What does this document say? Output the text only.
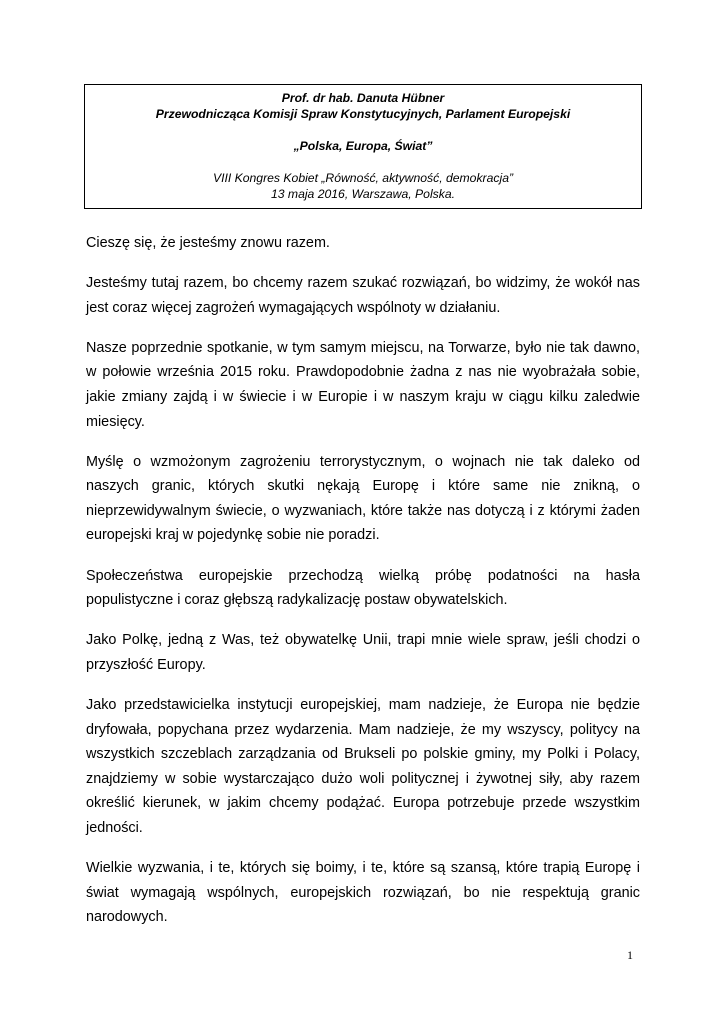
Prof. dr hab. Danuta Hübner
Przewodnicząca Komisji Spraw Konstytucyjnych, Parlament Europejski
„Polska, Europa, Świat”
VIII Kongres Kobiet „Równość, aktywność, demokracja”
13 maja 2016, Warszawa, Polska.

Cieszę się, że jesteśmy znowu razem.

Jesteśmy tutaj razem, bo chcemy razem szukać rozwiązań, bo widzimy, że wokół nas jest coraz więcej zagrożeń wymagających wspólnoty w działaniu.

Nasze poprzednie spotkanie, w tym samym miejscu, na Torwarze, było nie tak dawno, w połowie września 2015 roku. Prawdopodobnie żadna z nas nie wyobrażała sobie, jakie zmiany zajdą i w świecie i w Europie i w naszym kraju w ciągu kilku zaledwie miesięcy.

Myślę o wzmożonym zagrożeniu terrorystycznym, o wojnach nie tak daleko od naszych granic, których skutki nękają Europę i które same nie znikną, o nieprzewidywalnym świecie, o wyzwaniach, które także nas dotyczą i z którymi żaden europejski kraj w pojedynkę sobie nie poradzi.

Społeczeństwa europejskie przechodzą wielką próbę podatności na hasła populistyczne i coraz głębszą radykalizację postaw obywatelskich.

Jako Polkę, jedną z Was, też obywatelkę Unii, trapi mnie wiele spraw, jeśli chodzi o przyszłość Europy.

Jako przedstawicielka instytucji europejskiej, mam nadzieje, że Europa nie będzie dryfowała, popychana przez wydarzenia. Mam nadzieje, że my wszyscy, politycy na wszystkich szczeblach zarządzania od Brukseli po polskie gminy, my Polki i Polacy, znajdziemy w sobie wystarczająco dużo woli politycznej i żywotnej siły, aby razem określić kierunek, w jakim chcemy podążać. Europa potrzebuje przede wszystkim jedności.

Wielkie wyzwania, i te, których się boimy, i te, które są szansą, które trapią Europę i świat wymagają wspólnych, europejskich rozwiązań, bo nie respektują granic narodowych.

1
